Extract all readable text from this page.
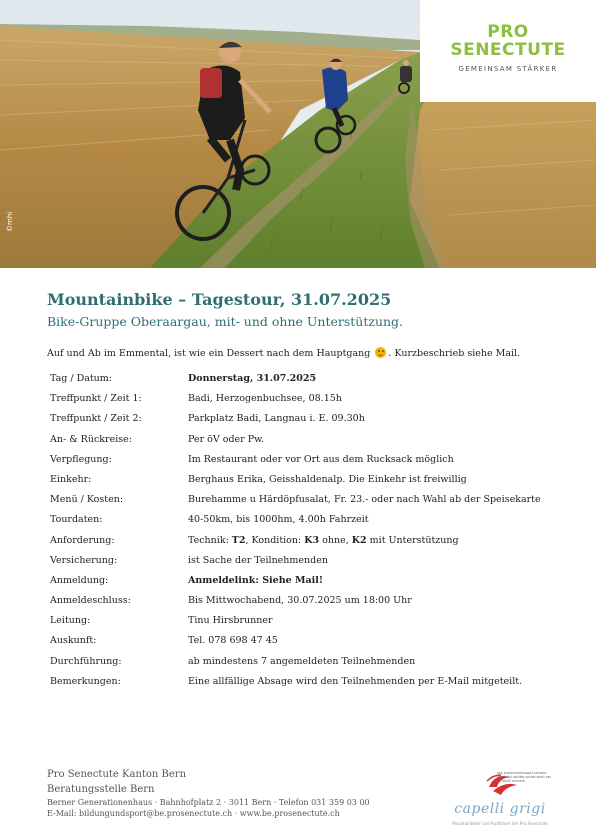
©mhi
PRO
SENECTUTE
GEMEINSAM STÄRKER
Mountainbike – Tagestour, 31.07.2025
Bike-Gruppe Oberaargau, mit- und ohne Unterstützung.
Auf und Ab im Emmental, ist wie ein Dessert nach dem Hauptgang . Kurzbeschrieb siehe Mail.
Tag / Datum:	Donnerstag, 31.07.2025
Treffpunkt / Zeit 1:	Badi, Herzogenbuchsee, 08.15h
Treffpunkt / Zeit 2:	Parkplatz Badi, Langnau i. E. 09.30h
An- & Rückreise:	Per öV oder Pw.
Verpflegung:	Im Restaurant oder vor Ort aus dem Rucksack möglich
Einkehr:	Berghaus Erika, Geisshaldenalp. Die Einkehr ist freiwillig
Menü / Kosten:	Burehamme u Härdöpfusalat, Fr. 23.- oder nach Wahl ab der Speisekarte
Tourdaten:	40-50km, bis 1000hm, 4.00h Fahrzeit
Anforderung:	Technik: T2, Kondition: K3 ohne, K2 mit Unterstützung
Versicherung:	ist Sache der Teilnehmenden
Anmeldung:	Anmeldelink: Siehe Mail!
Anmeldeschluss:	Bis Mittwochabend, 30.07.2025 um 18:00 Uhr
Leitung:	Tinu Hirsbrunner
Auskunft:	Tel. 078 698 47 45
Durchführung:	ab mindestens 7 angemeldeten Teilnehmenden
Bemerkungen:	Eine allfällige Absage wird den Teilnehmenden per E-Mail mitgeteilt.
Pro Senectute Kanton Bern
Beratungsstelle Bern
Berner Generationenhaus · Bahnhofplatz 2 · 3011 Bern · Telefon 031 359 03 00
E-Mail: bildungundsport@be.prosenectute.ch · www.be.prosenectute.ch
esa erwachsenensport schweiz sport des adultes suisse sport per gli adulti svizzera
capelli grigi
Mountainbiker und Radfahrer der Pro Senectute
